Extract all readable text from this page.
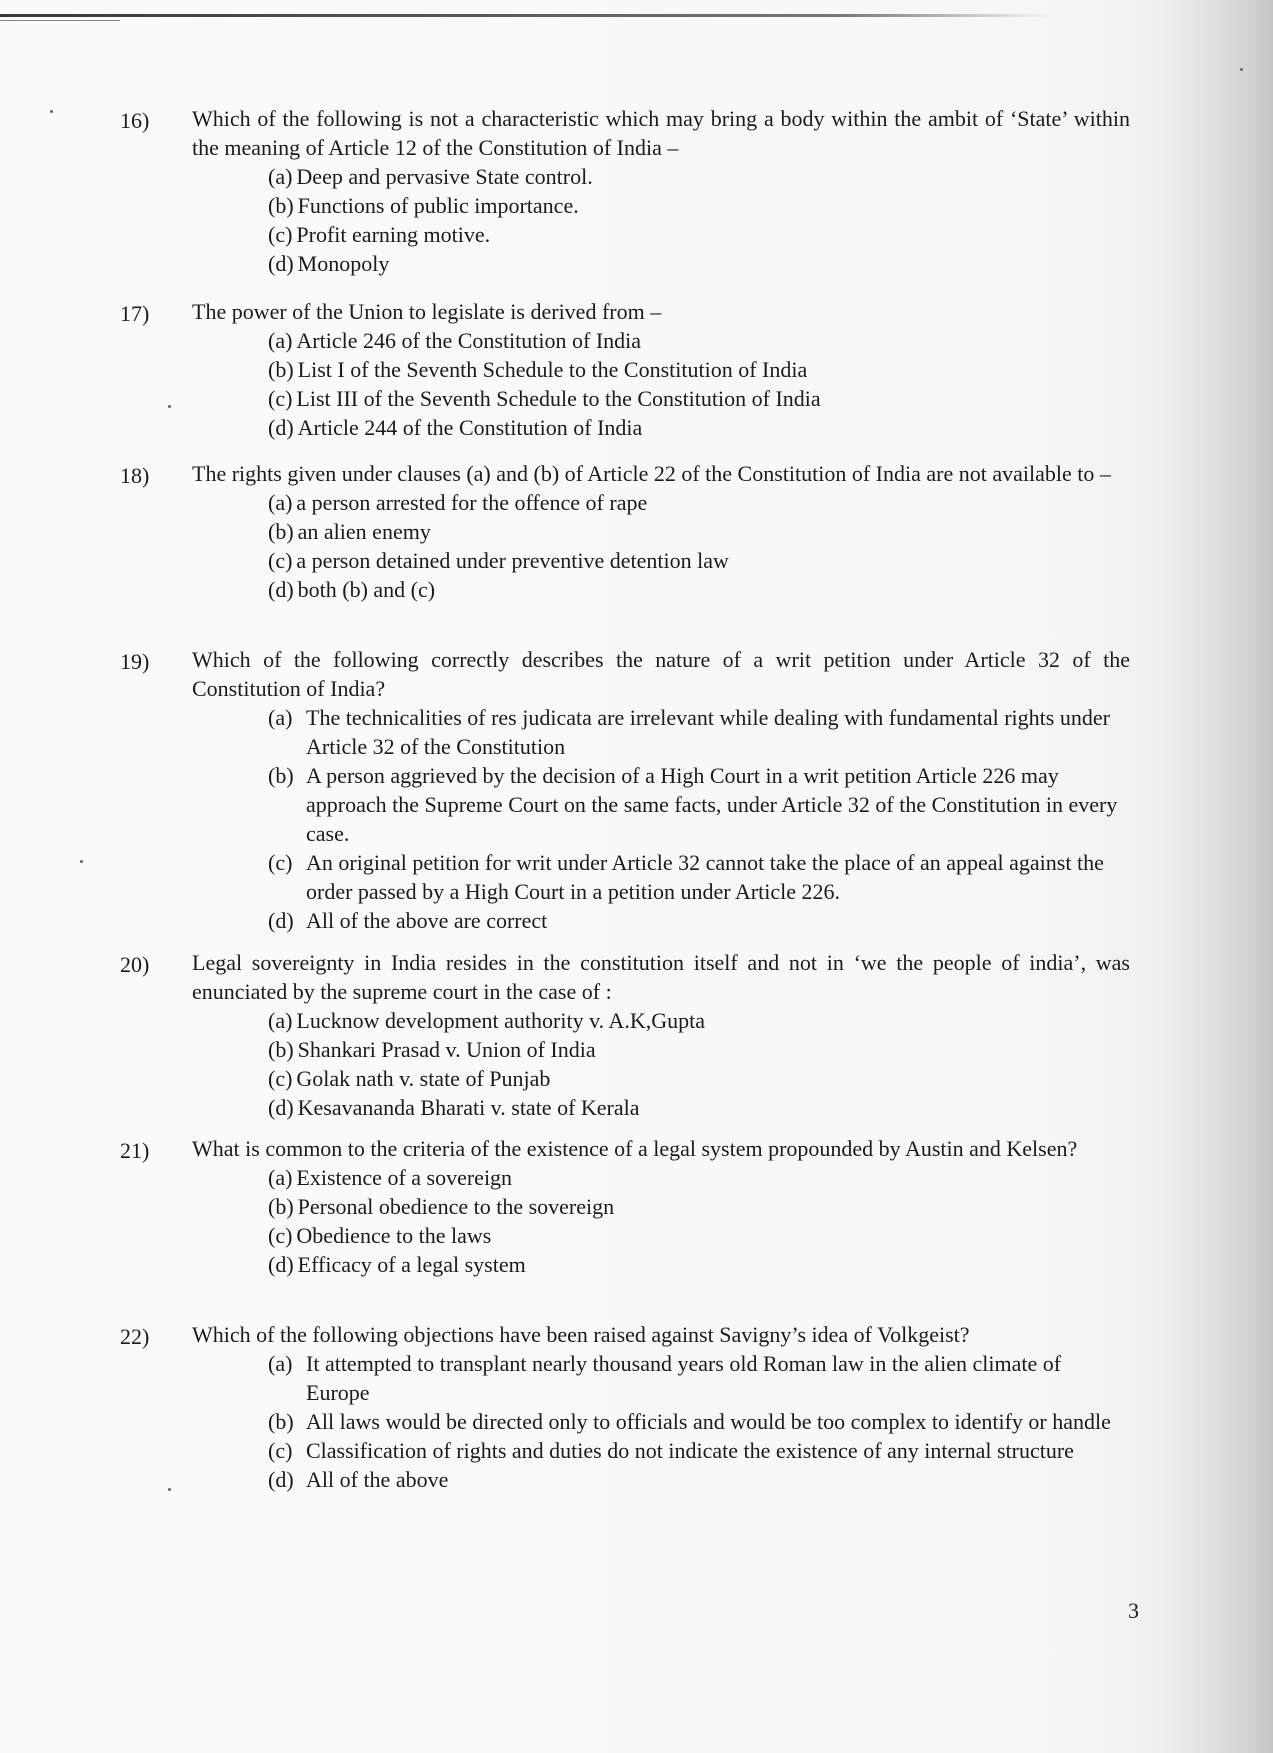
16)	Which of the following is not a characteristic which may bring a body within the ambit of ‘State’ within the meaning of Article 12 of the Constitution of India –
(a) Deep and pervasive State control.
(b) Functions of public importance.
(c) Profit earning motive.
(d) Monopoly
17)	The power of the Union to legislate is derived from –
(a) Article 246 of the Constitution of India
(b) List I of the Seventh Schedule to the Constitution of India
(c) List III of the Seventh Schedule to the Constitution of India
(d) Article 244 of the Constitution of India
18)	The rights given under clauses (a) and (b) of Article 22 of the Constitution of India are not available to –
(a) a person arrested for the offence of rape
(b) an alien enemy
(c) a person detained under preventive detention law
(d) both (b) and (c)
19)	Which of the following correctly describes the nature of a writ petition under Article 32 of the Constitution of India?
(a) The technicalities of res judicata are irrelevant while dealing with fundamental rights under Article 32 of the Constitution
(b) A person aggrieved by the decision of a High Court in a writ petition Article 226 may approach the Supreme Court on the same facts, under Article 32 of the Constitution in every case.
(c) An original petition for writ under Article 32 cannot take the place of an appeal against the order passed by a High Court in a petition under Article 226.
(d) All of the above are correct
20)	Legal sovereignty in India resides in the constitution itself and not in ‘we the people of india’, was enunciated by the supreme court in the case of :
(a) Lucknow development authority v. A.K,Gupta
(b) Shankari Prasad v. Union of India
(c) Golak nath v. state of Punjab
(d) Kesavananda Bharati v. state of Kerala
21)	What is common to the criteria of the existence of a legal system propounded by Austin and Kelsen?
(a) Existence of a sovereign
(b) Personal obedience to the sovereign
(c) Obedience to the laws
(d) Efficacy of a legal system
22)	Which of the following objections have been raised against Savigny’s idea of Volkgeist?
(a) It attempted to transplant nearly thousand years old Roman law in the alien climate of Europe
(b) All laws would be directed only to officials and would be too complex to identify or handle
(c) Classification of rights and duties do not indicate the existence of any internal structure
(d) All of the above
3
